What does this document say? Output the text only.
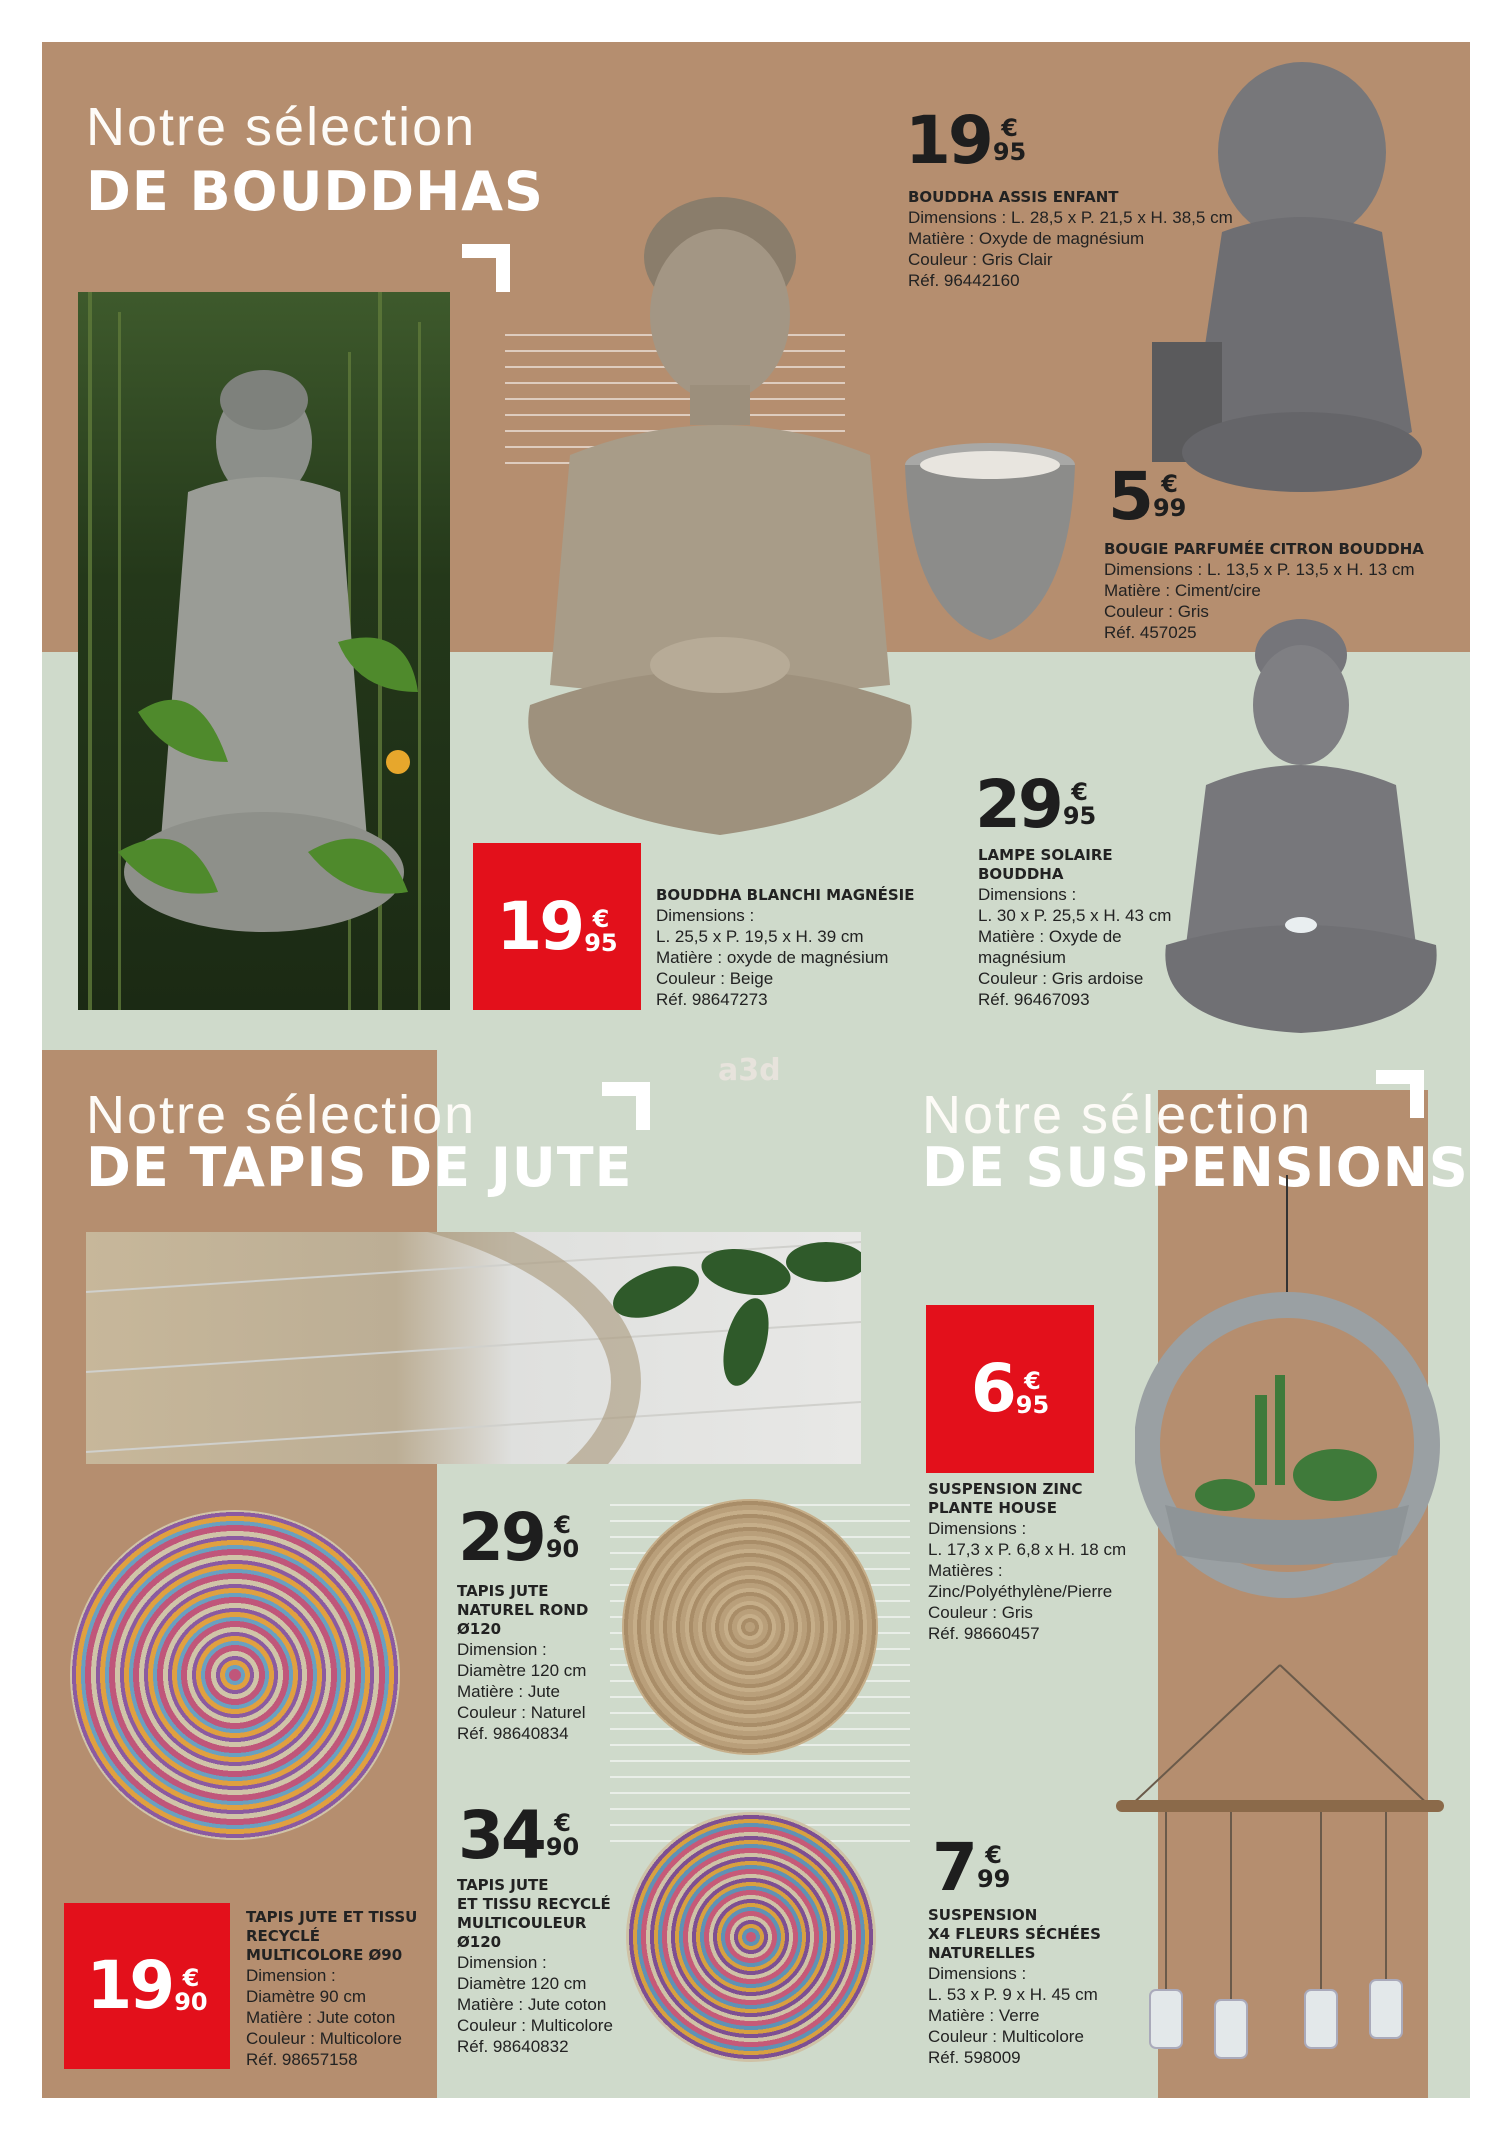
Notre sélection
DE BOUDDHAS
19 €
95
BOUDDHA ASSIS ENFANT
Dimensions : L. 28,5 x P. 21,5 x H. 38,5 cm
Matière : Oxyde de magnésium
Couleur : Gris Clair
Réf. 96442160
5 €
99
BOUGIE PARFUMÉE CITRON BOUDDHA
Dimensions : L. 13,5 x P. 13,5 x H. 13 cm
Matière : Ciment/cire
Couleur : Gris
Réf. 457025
19 €
95
BOUDDHA BLANCHI MAGNÉSIE
Dimensions :
L. 25,5 x P. 19,5 x H. 39 cm
Matière : oxyde de magnésium
Couleur : Beige
Réf. 98647273
29 €
95
LAMPE SOLAIRE
BOUDDHA
Dimensions :
L. 30 x P. 25,5 x H. 43 cm
Matière : Oxyde de
magnésium
Couleur : Gris ardoise
Réf. 96467093
a3d
Notre sélection
DE TAPIS DE JUTE
29 €
90
TAPIS JUTE
NATUREL ROND
Ø120
Dimension :
Diamètre 120 cm
Matière : Jute
Couleur : Naturel
Réf. 98640834
34 €
90
TAPIS JUTE
ET TISSU RECYCLÉ
MULTICOULEUR
Ø120
Dimension :
Diamètre 120 cm
Matière : Jute coton
Couleur : Multicolore
Réf. 98640832
19 €
90
TAPIS JUTE ET TISSU
RECYCLÉ
MULTICOLORE Ø90
Dimension :
Diamètre 90 cm
Matière : Jute coton
Couleur : Multicolore
Réf. 98657158
Notre sélection
DE SUSPENSIONS
6 €
95
SUSPENSION ZINC
PLANTE HOUSE
Dimensions :
L. 17,3 x P. 6,8 x H. 18 cm
Matières :
Zinc/Polyéthylène/Pierre
Couleur : Gris
Réf. 98660457
7 €
99
SUSPENSION
X4 FLEURS SÉCHÉES
NATURELLES
Dimensions :
L. 53 x P. 9 x H. 45 cm
Matière : Verre
Couleur : Multicolore
Réf. 598009
